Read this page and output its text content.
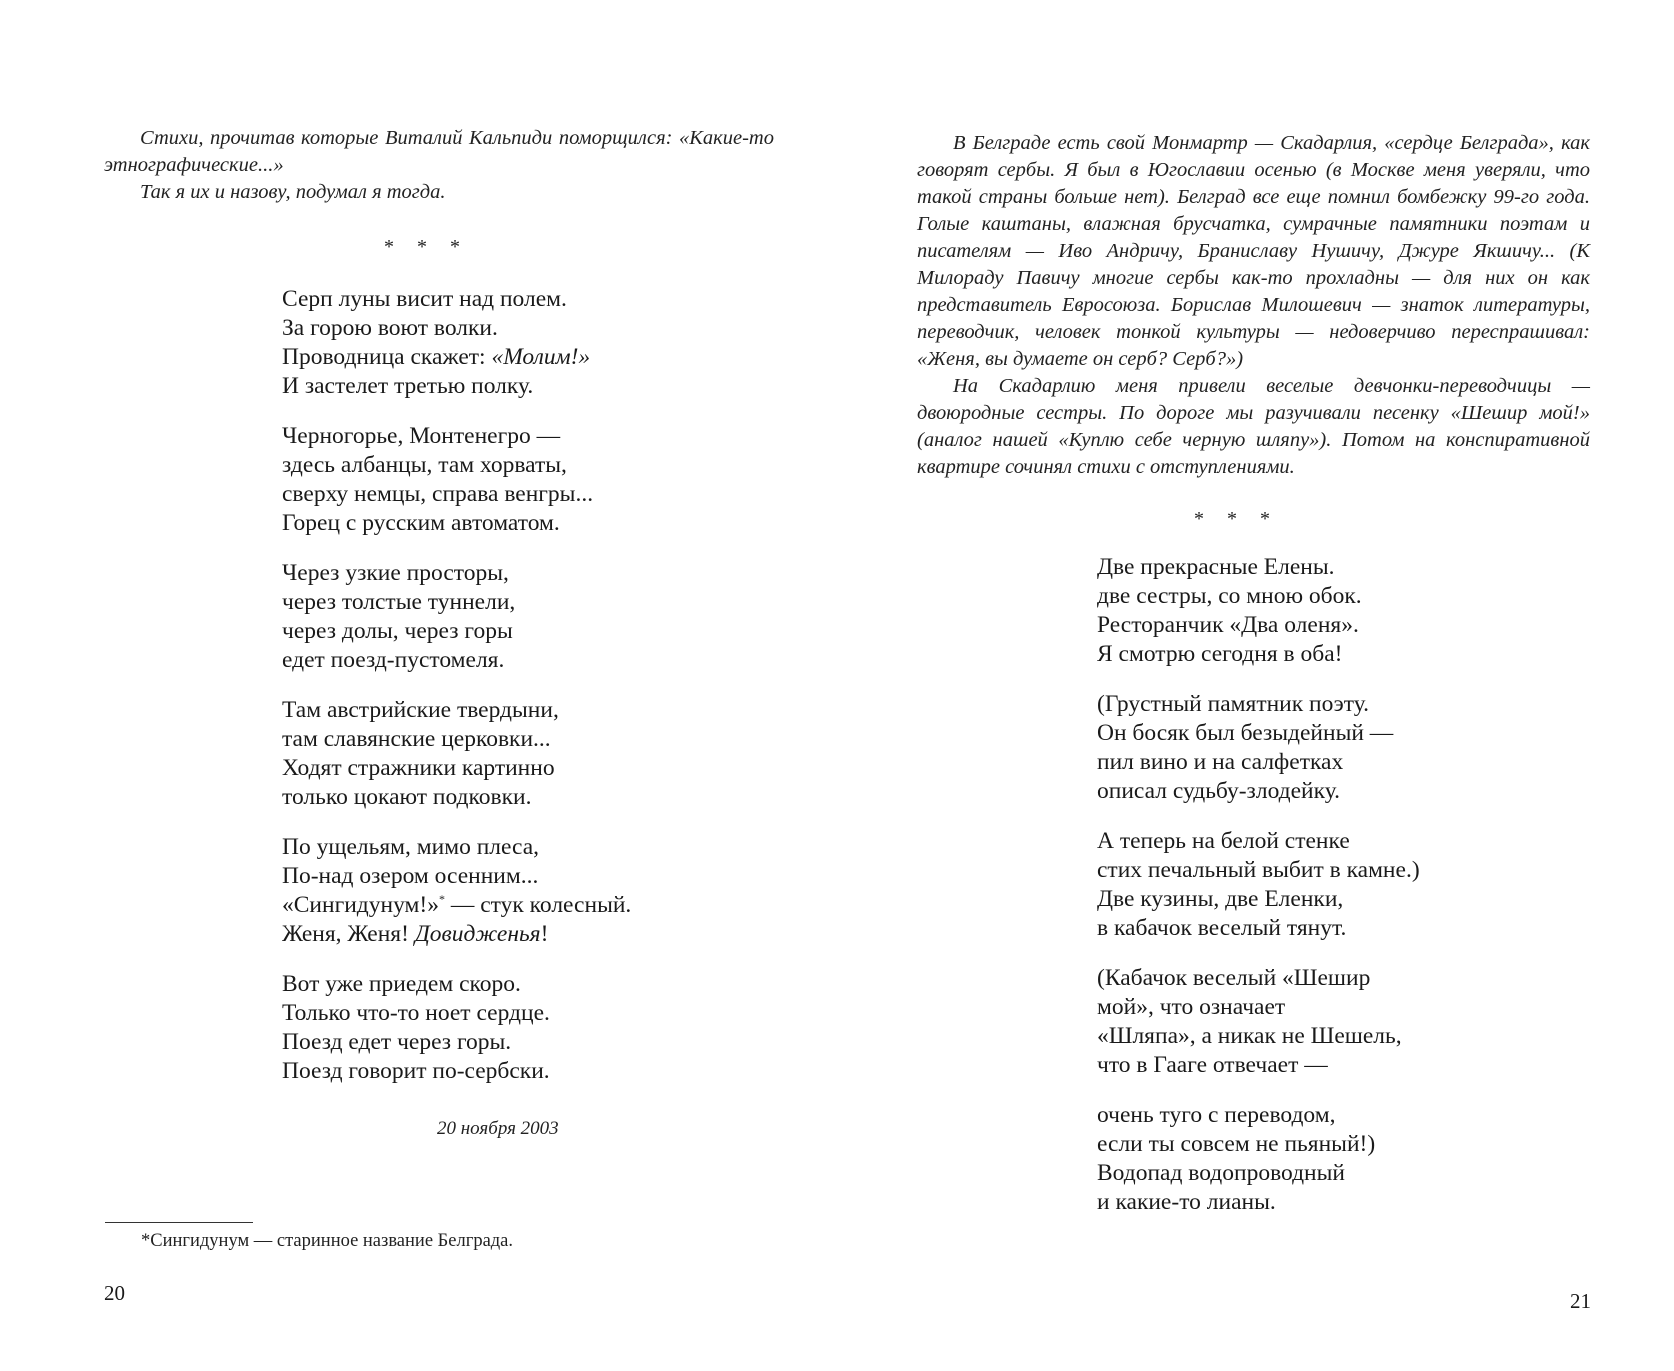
Стихи, прочитав которые Виталий Кальпиди поморщился: «Какие-то этнографические...»

Так я их и назову, подумал я тогда.

* * *
Серп луны висит над полем.
За горою воют волки.
Проводница скажет: «Молим!»
И застелет третью полку.
Черногорье, Монтенегро —
здесь албанцы, там хорваты,
сверху немцы, справа венгры...
Горец с русским автоматом.
Через узкие просторы,
через толстые туннели,
через долы, через горы
едет поезд-пустомеля.
Там австрийские твердыни,
там славянские церковки...
Ходят стражники картинно
только цокают подковки.
По ущельям, мимо плеса,
По-над озером осенним...
«Сингидунум!»* — стук колесный.
Женя, Женя! Довидженья!
Вот уже приедем скоро.
Только что-то ноет сердце.
Поезд едет через горы.
Поезд говорит по-сербски.
20 ноября 2003
*Сингидунум — старинное название Белграда.
20

В Белграде есть свой Монмартр — Скадарлия, «сердце Белграда», как говорят сербы. Я был в Югославии осенью (в Москве меня уверяли, что такой страны больше нет). Белград все еще помнил бомбежку 99-го года. Голые каштаны, влажная брусчатка, сумрачные памятники поэтам и писателям — Иво Андричу, Браниславу Нушичу, Джуре Якшичу... (К Милораду Павичу многие сербы как-то прохладны — для них он как представитель Евросоюза. Борислав Милошевич — знаток литературы, переводчик, человек тонкой культуры — недоверчиво переспрашивал: «Женя, вы думаете он серб? Серб?»)

На Скадарлию меня привели веселые девчонки-переводчицы — двоюродные сестры. По дороге мы разучивали песенку «Шешир мой!» (аналог нашей «Куплю себе черную шляпу»). Потом на конспиративной квартире сочинял стихи с отступлениями.

* * *
Две прекрасные Елены.
две сестры, со мною обок.
Ресторанчик «Два оленя».
Я смотрю сегодня в оба!
(Грустный памятник поэту.
Он босяк был безыдейный —
пил вино и на салфетках
описал судьбу-злодейку.
А теперь на белой стенке
стих печальный выбит в камне.)
Две кузины, две Еленки,
в кабачок веселый тянут.
(Кабачок веселый «Шешир
мой», что означает
«Шляпа», а никак не Шешель,
что в Гааге отвечает —
очень туго с переводом,
если ты совсем не пьяный!)
Водопад водопроводный
и какие-то лианы.
21
